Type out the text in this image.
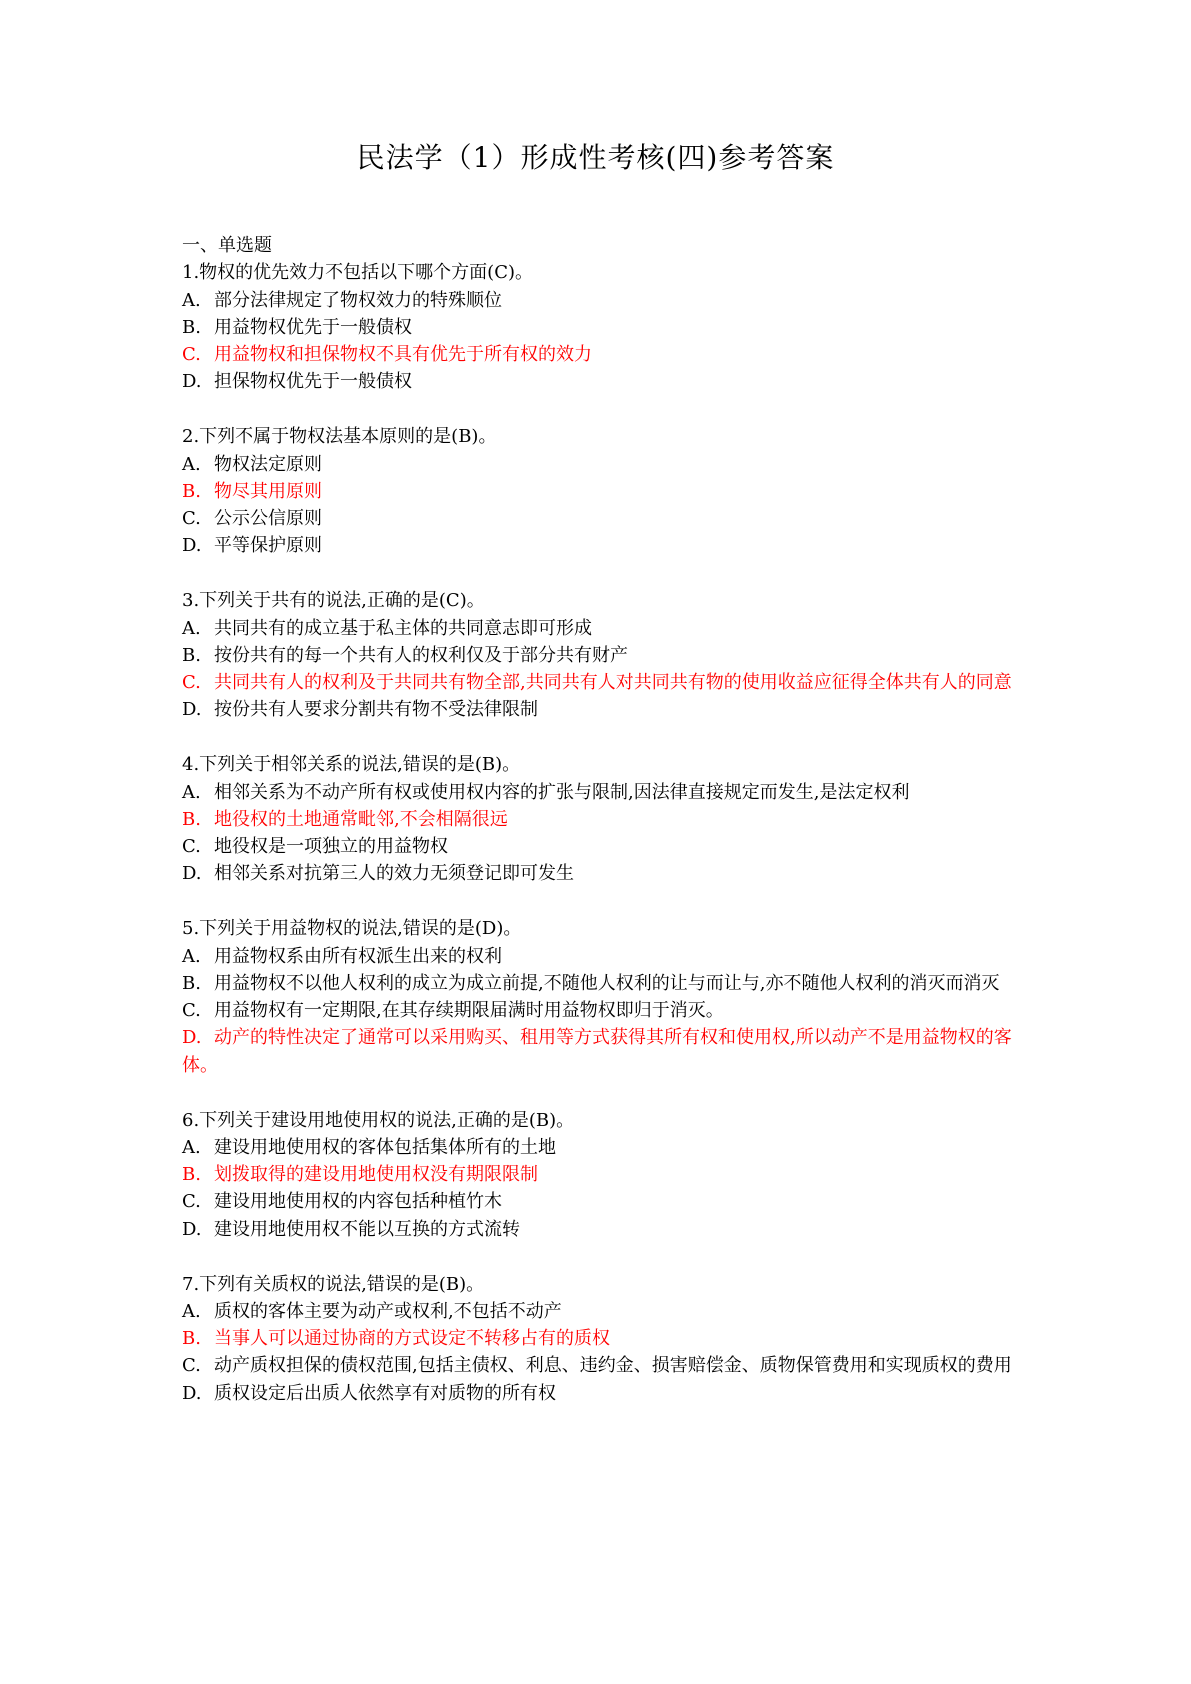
民法学（1）形成性考核(四)参考答案

一、单选题

1.物权的优先效力不包括以下哪个方面(C)。

A. 部分法律规定了物权效力的特殊顺位

B. 用益物权优先于一般债权

C. 用益物权和担保物权不具有优先于所有权的效力

D. 担保物权优先于一般债权

2.下列不属于物权法基本原则的是(B)。

A. 物权法定原则

B. 物尽其用原则

C. 公示公信原则

D. 平等保护原则

3.下列关于共有的说法,正确的是(C)。

A. 共同共有的成立基于私主体的共同意志即可形成

B. 按份共有的每一个共有人的权利仅及于部分共有财产

C. 共同共有人的权利及于共同共有物全部,共同共有人对共同共有物的使用收益应征得全体共有人的同意

D. 按份共有人要求分割共有物不受法律限制

4.下列关于相邻关系的说法,错误的是(B)。

A. 相邻关系为不动产所有权或使用权内容的扩张与限制,因法律直接规定而发生,是法定权利

B. 地役权的土地通常毗邻,不会相隔很远

C. 地役权是一项独立的用益物权

D. 相邻关系对抗第三人的效力无须登记即可发生

5.下列关于用益物权的说法,错误的是(D)。

A. 用益物权系由所有权派生出来的权利

B. 用益物权不以他人权利的成立为成立前提,不随他人权利的让与而让与,亦不随他人权利的消灭而消灭

C. 用益物权有一定期限,在其存续期限届满时用益物权即归于消灭。

D. 动产的特性决定了通常可以采用购买、租用等方式获得其所有权和使用权,所以动产不是用益物权的客体。

6.下列关于建设用地使用权的说法,正确的是(B)。

A. 建设用地使用权的客体包括集体所有的土地

B. 划拨取得的建设用地使用权没有期限限制

C. 建设用地使用权的内容包括种植竹木

D. 建设用地使用权不能以互换的方式流转

7.下列有关质权的说法,错误的是(B)。

A. 质权的客体主要为动产或权利,不包括不动产

B. 当事人可以通过协商的方式设定不转移占有的质权

C. 动产质权担保的债权范围,包括主债权、利息、违约金、损害赔偿金、质物保管费用和实现质权的费用

D. 质权设定后出质人依然享有对质物的所有权
